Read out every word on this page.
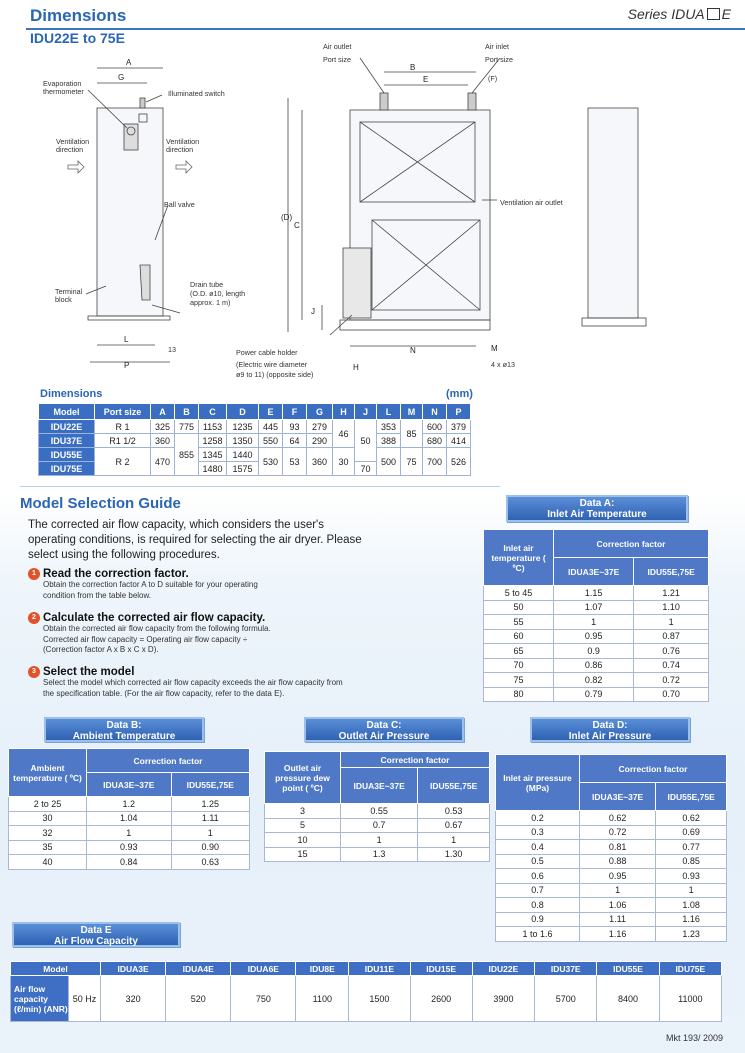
Dimensions
IDU22E to 75E
Series IDUA E
A
G
Evaporation
thermometer	Illuminated switch
Ventilation
direction
Ventilation
direction
Ball valve
Terminal
block
Drain tube
(O.D. ø10, length
approx. 1 m)
L
13
P
Air outlet
Port size
Air inlet
Port size
B
E	(F)
(D)
C
J
Ventilation air outlet
N	M
4 x ø13
Power cable holder
(Electric wire diameter
ø9 to 11) (opposite side)
H
Dimensions	(mm)
Model	Port size	A	B	C	D	E	F	G	H	J	L	M	N	P
IDU22E	R 1	325	775	1153	1235	445	93	279	46	50	353	85	600	379
IDU37E	R1 1/2	360	855	1258	1350	550	64	290			388		680	414
IDU55E	R 2	470		1345	1440	530	53	360	30		500	75	700	526
IDU75E				1480	1575					70				
Model Selection Guide
The corrected air flow capacity, which considers the user's operating conditions, is required for selecting the air dryer. Please select using the following procedures.
1 Read the correction factor.
Obtain the correction factor A to D suitable for your operating condition from the table below.
2 Calculate the corrected air flow capacity.
Obtain the corrected air flow capacity from the following formula.
Corrected air flow capacity = Operating air flow capacity ÷
(Correction factor A x B x C x D).
3 Select the model
Select the model which corrected air flow capacity exceeds the air flow capacity from
the specification table. (For the air flow capacity, refer to the data E).
Data A:
Inlet Air Temperature
Inlet air temperature ( ºC)	Correction factor	
	IDUA3E~37E	IDU55E,75E
5 to 45	1.15	1.21
50	1.07	1.10
55	1	1
60	0.95	0.87
65	0.9	0.76
70	0.86	0.74
75	0.82	0.72
80	0.79	0.70
Data B:
Ambient Temperature
Ambient temperature ( ºC)	Correction factor	
	IDUA3E~37E	IDU55E,75E
2 to 25	1.2	1.25
30	1.04	1.11
32	1	1
35	0.93	0.90
40	0.84	0.63
Data C:
Outlet Air Pressure
Outlet air pressure dew point ( ºC)	Correction factor	
	IDUA3E~37E	IDU55E,75E
3	0.55	0.53
5	0.7	0.67
10	1	1
15	1.3	1.30
Data D:
Inlet Air Pressure
Inlet air pressure (MPa)	Correction factor	
	IDUA3E~37E	IDU55E,75E
0.2	0.62	0.62
0.3	0.72	0.69
0.4	0.81	0.77
0.5	0.88	0.85
0.6	0.95	0.93
0.7	1	1
0.8	1.06	1.08
0.9	1.11	1.16
1 to 1.6	1.16	1.23
Data E
Air Flow Capacity
Model		IDUA3E	IDUA4E	IDUA6E	IDU8E	IDU11E	IDU15E	IDU22E	IDU37E	IDU55E	IDU75E
Air flow capacity (ℓ/min) (ANR)	50 Hz	320	520	750	1100	1500	2600	3900	5700	8400	11000
Mkt 193/ 2009
